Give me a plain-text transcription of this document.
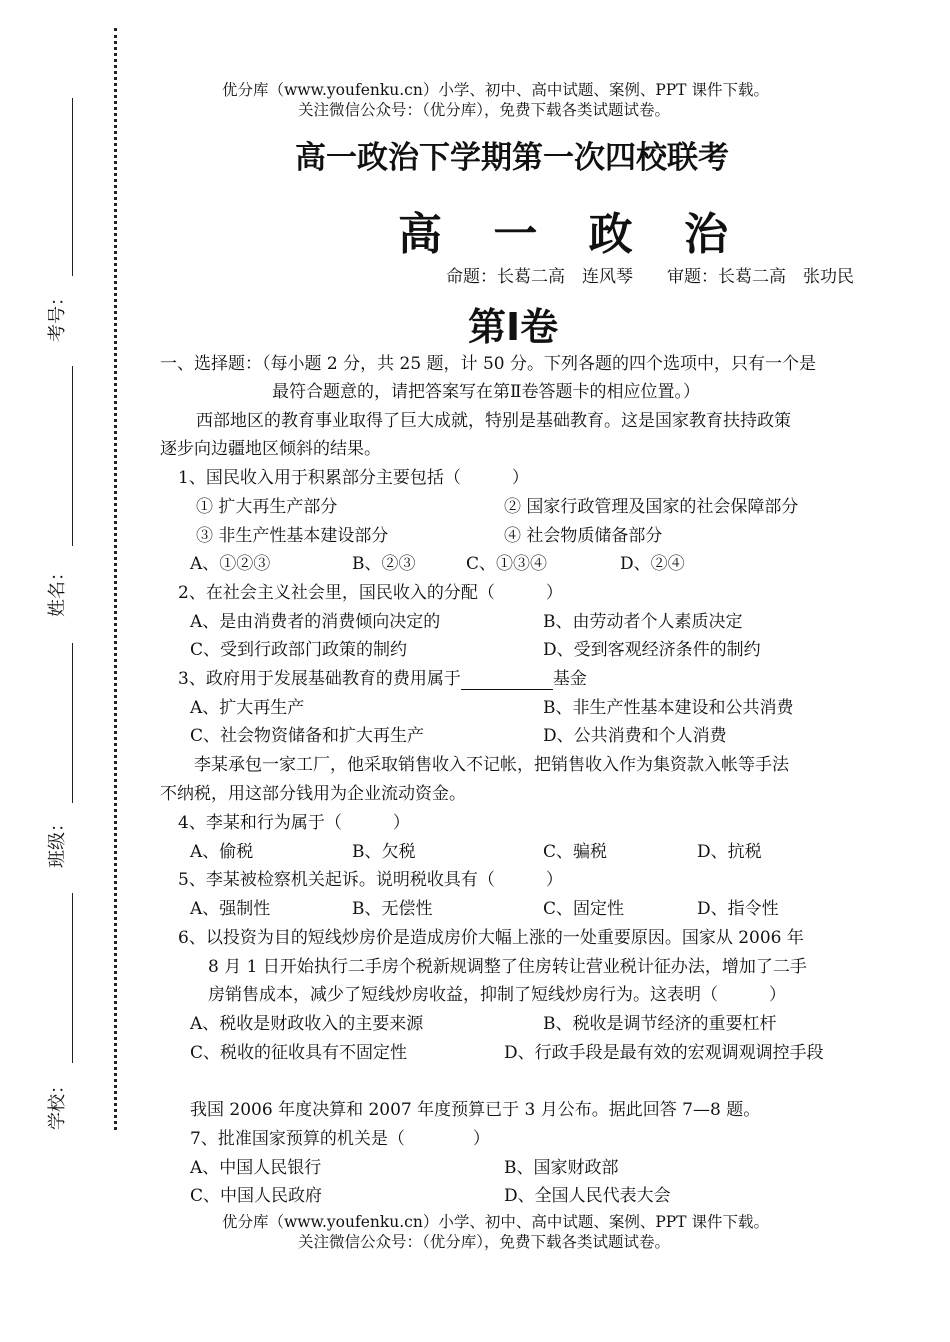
考号：
姓名：
班级：
学校：
优分库（www.youfenku.cn）小学、初中、高中试题、案例、PPT 课件下载。
关注微信公众号：（优分库），免费下载各类试题试卷。
高一政治下学期第一次四校联考
高 一 政 治
命题：长葛二高　连风琴　　审题：长葛二高　张功民
第Ⅰ卷
一、选择题：（每小题 2 分，共 25 题，计 50 分。下列各题的四个选项中，只有一个是
最符合题意的，请把答案写在第Ⅱ卷答题卡的相应位置。）
西部地区的教育事业取得了巨大成就，特别是基础教育。这是国家教育扶持政策
逐步向边疆地区倾斜的结果。
1、国民收入用于积累部分主要包括（　　　）
① 扩大再生产部分	② 国家行政管理及国家的社会保障部分
③ 非生产性基本建设部分	④ 社会物质储备部分
A、①②③	B、②③	C、①③④	D、②④
2、在社会主义社会里，国民收入的分配（　　　）
A、是由消费者的消费倾向决定的	B、由劳动者个人素质决定
C、受到行政部门政策的制约	D、受到客观经济条件的制约
3、政府用于发展基础教育的费用属于	基金
A、扩大再生产	B、非生产性基本建设和公共消费
C、社会物资储备和扩大再生产	D、公共消费和个人消费
李某承包一家工厂，他采取销售收入不记帐，把销售收入作为集资款入帐等手法
不纳税，用这部分钱用为企业流动资金。
4、李某和行为属于（　　　）
A、偷税	B、欠税	C、骗税	D、抗税
5、李某被检察机关起诉。说明税收具有（　　　）
A、强制性	B、无偿性	C、固定性	D、指令性
6、以投资为目的短线炒房价是造成房价大幅上涨的一处重要原因。国家从 2006 年
8 月 1 日开始执行二手房个税新规调整了住房转让营业税计征办法，增加了二手
房销售成本，减少了短线炒房收益，抑制了短线炒房行为。这表明（　　　）
A、税收是财政收入的主要来源	B、税收是调节经济的重要杠杆
C、税收的征收具有不固定性	D、行政手段是最有效的宏观调观调控手段
我国 2006 年度决算和 2007 年度预算已于 3 月公布。据此回答 7—8 题。
7、批准国家预算的机关是（　　　　）
A、中国人民银行	B、国家财政部
C、中国人民政府	D、全国人民代表大会
优分库（www.youfenku.cn）小学、初中、高中试题、案例、PPT 课件下载。
关注微信公众号：（优分库），免费下载各类试题试卷。
